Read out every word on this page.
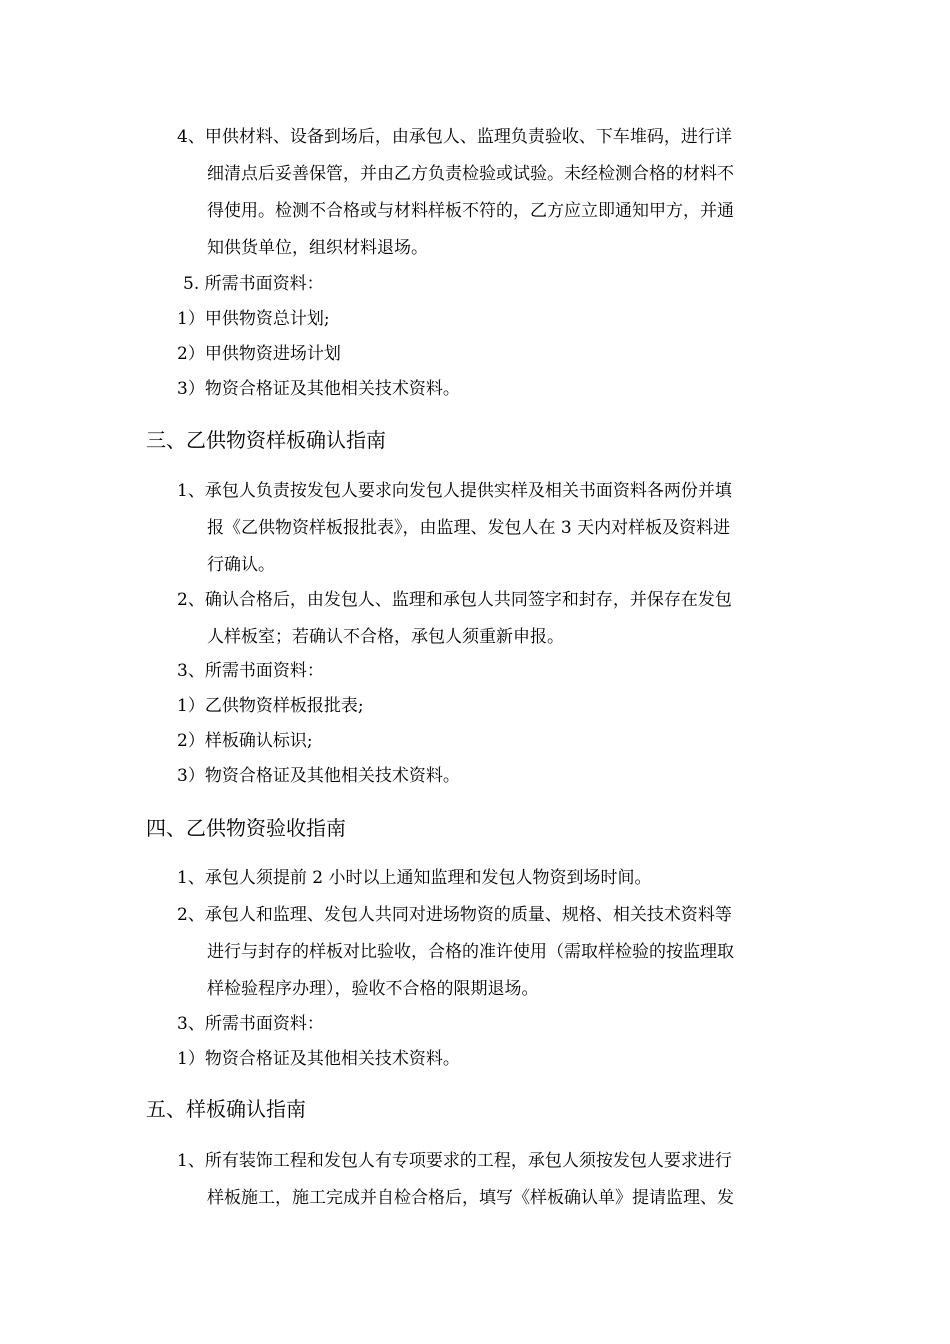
4、甲供材料、设备到场后，由承包人、监理负责验收、下车堆码，进行详

细清点后妥善保管，并由乙方负责检验或试验。未经检测合格的材料不

得使用。检测不合格或与材料样板不符的，乙方应立即通知甲方，并通

知供货单位，组织材料退场。

5. 所需书面资料：

1）甲供物资总计划;

2）甲供物资进场计划

3）物资合格证及其他相关技术资料。

三、乙供物资样板确认指南

1、承包人负责按发包人要求向发包人提供实样及相关书面资料各两份并填

报《乙供物资样板报批表》，由监理、发包人在 3 天内对样板及资料进

行确认。

2、确认合格后，由发包人、监理和承包人共同签字和封存，并保存在发包

人样板室；若确认不合格，承包人须重新申报。

3、所需书面资料：

1）乙供物资样板报批表;

2）样板确认标识;

3）物资合格证及其他相关技术资料。

四、乙供物资验收指南

1、承包人须提前 2 小时以上通知监理和发包人物资到场时间。

2、承包人和监理、发包人共同对进场物资的质量、规格、相关技术资料等

进行与封存的样板对比验收，合格的准许使用（需取样检验的按监理取

样检验程序办理），验收不合格的限期退场。

3、所需书面资料：

1）物资合格证及其他相关技术资料。

五、样板确认指南

1、所有装饰工程和发包人有专项要求的工程，承包人须按发包人要求进行

样板施工，施工完成并自检合格后，填写《样板确认单》提请监理、发
